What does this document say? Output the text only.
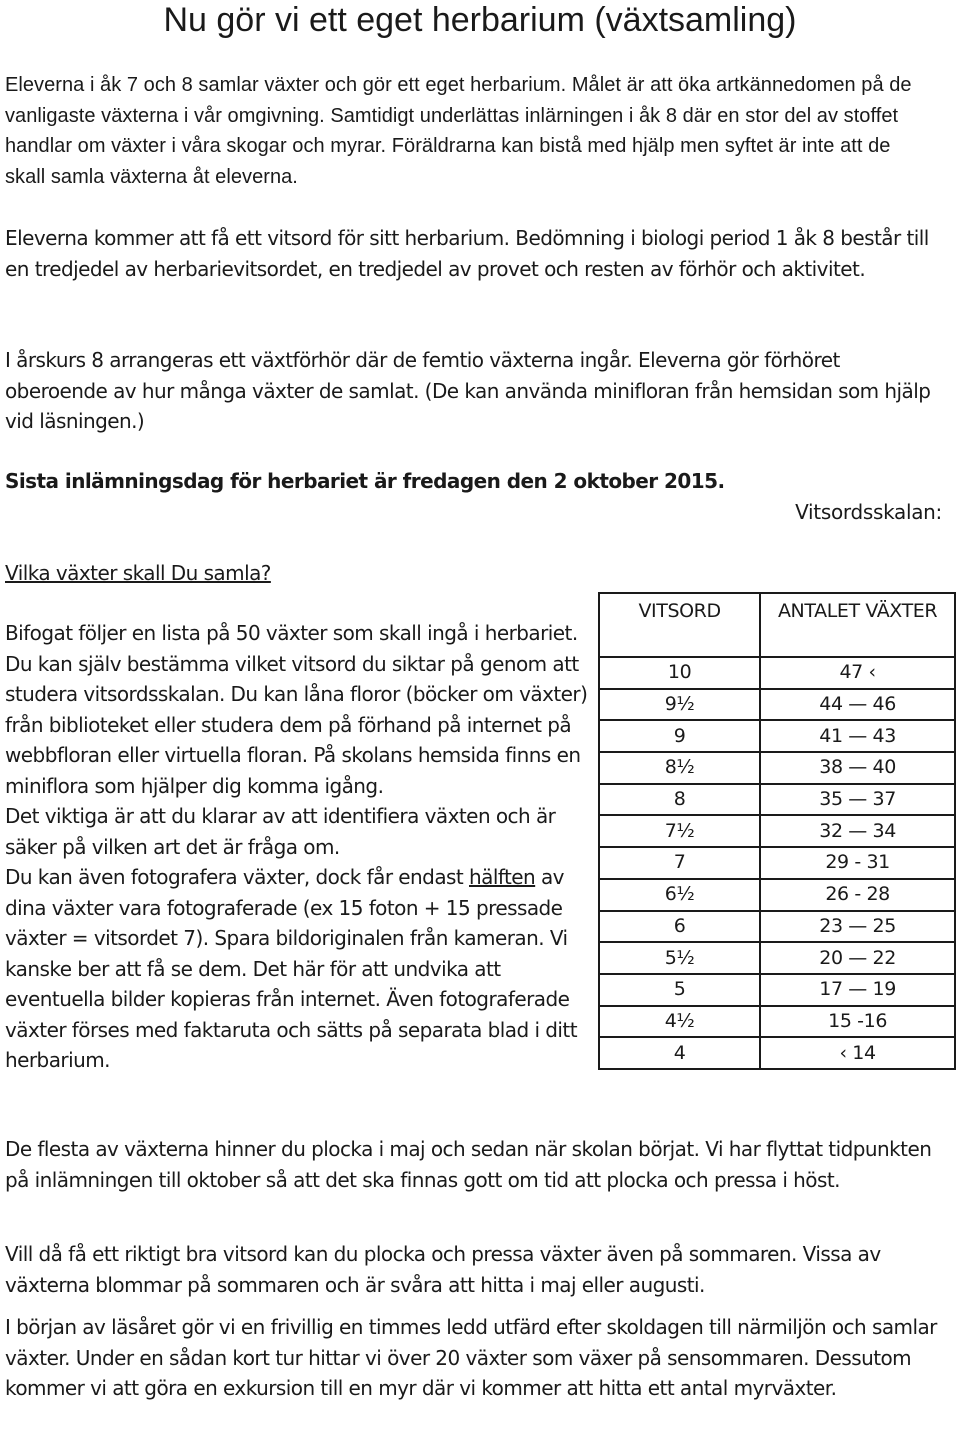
Nu gör vi ett eget herbarium (växtsamling)

Eleverna i åk 7 och 8 samlar växter och gör ett eget herbarium. Målet är att öka artkännedomen på de vanligaste växterna i vår omgivning. Samtidigt underlättas inlärningen i åk 8 där en stor del av stoffet handlar om växter i våra skogar och myrar. Föräldrarna kan bistå med hjälp men syftet är inte att de skall samla växterna åt eleverna.

Eleverna kommer att få ett vitsord för sitt herbarium. Bedömning i biologi period 1 åk 8 består till en tredjedel av herbarievitsordet, en tredjedel av provet och resten av förhör och aktivitet.

I årskurs 8 arrangeras ett växtförhör där de femtio växterna ingår. Eleverna gör förhöret oberoende av hur många växter de samlat. (De kan använda minifloran från hemsidan som hjälp vid läsningen.)

Sista inlämningsdag för herbariet är fredagen den 2 oktober 2015.

Vitsordsskalan:

Vilka växter skall Du samla?

Bifogat följer en lista på 50 växter som skall ingå i herbariet. Du kan själv bestämma vilket vitsord du siktar på genom att studera vitsordsskalan. Du kan låna floror (böcker om växter) från biblioteket eller studera dem på förhand på internet på webbfloran eller virtuella floran. På skolans hemsida finns en miniflora som hjälper dig komma igång.
Det viktiga är att du klarar av att identifiera växten och är säker på vilken art det är fråga om.
Du kan även fotografera växter, dock får endast hälften av dina växter vara fotograferade (ex 15 foton + 15 pressade växter = vitsordet 7). Spara bildoriginalen från kameran. Vi kanske ber att få se dem. Det här för att undvika att eventuella bilder kopieras från internet. Även fotograferade växter förses med faktaruta och sätts på separata blad i ditt herbarium.
VITSORD	ANTALET VÄXTER
10	47 ‹
9½	44 — 46
9	41 — 43
8½	38 — 40
8	35 — 37
7½	32 — 34
7	29 - 31
6½	26 - 28
6	23 — 25
5½	20 — 22
5	17 — 19
4½	15 -16
4	‹ 14

De flesta av växterna hinner du plocka i maj och sedan när skolan börjat. Vi har flyttat tidpunkten på inlämningen till oktober så att det ska finnas gott om tid att plocka och pressa i höst.

Vill då få ett riktigt bra vitsord kan du plocka och pressa växter även på sommaren. Vissa av växterna blommar på sommaren och är svåra att hitta i maj eller augusti.

I början av läsåret gör vi en frivillig en timmes ledd utfärd efter skoldagen till närmiljön och samlar växter. Under en sådan kort tur hittar vi över 20 växter som växer på sensommaren. Dessutom kommer vi att göra en exkursion till en myr där vi kommer att hitta ett antal myrväxter.
